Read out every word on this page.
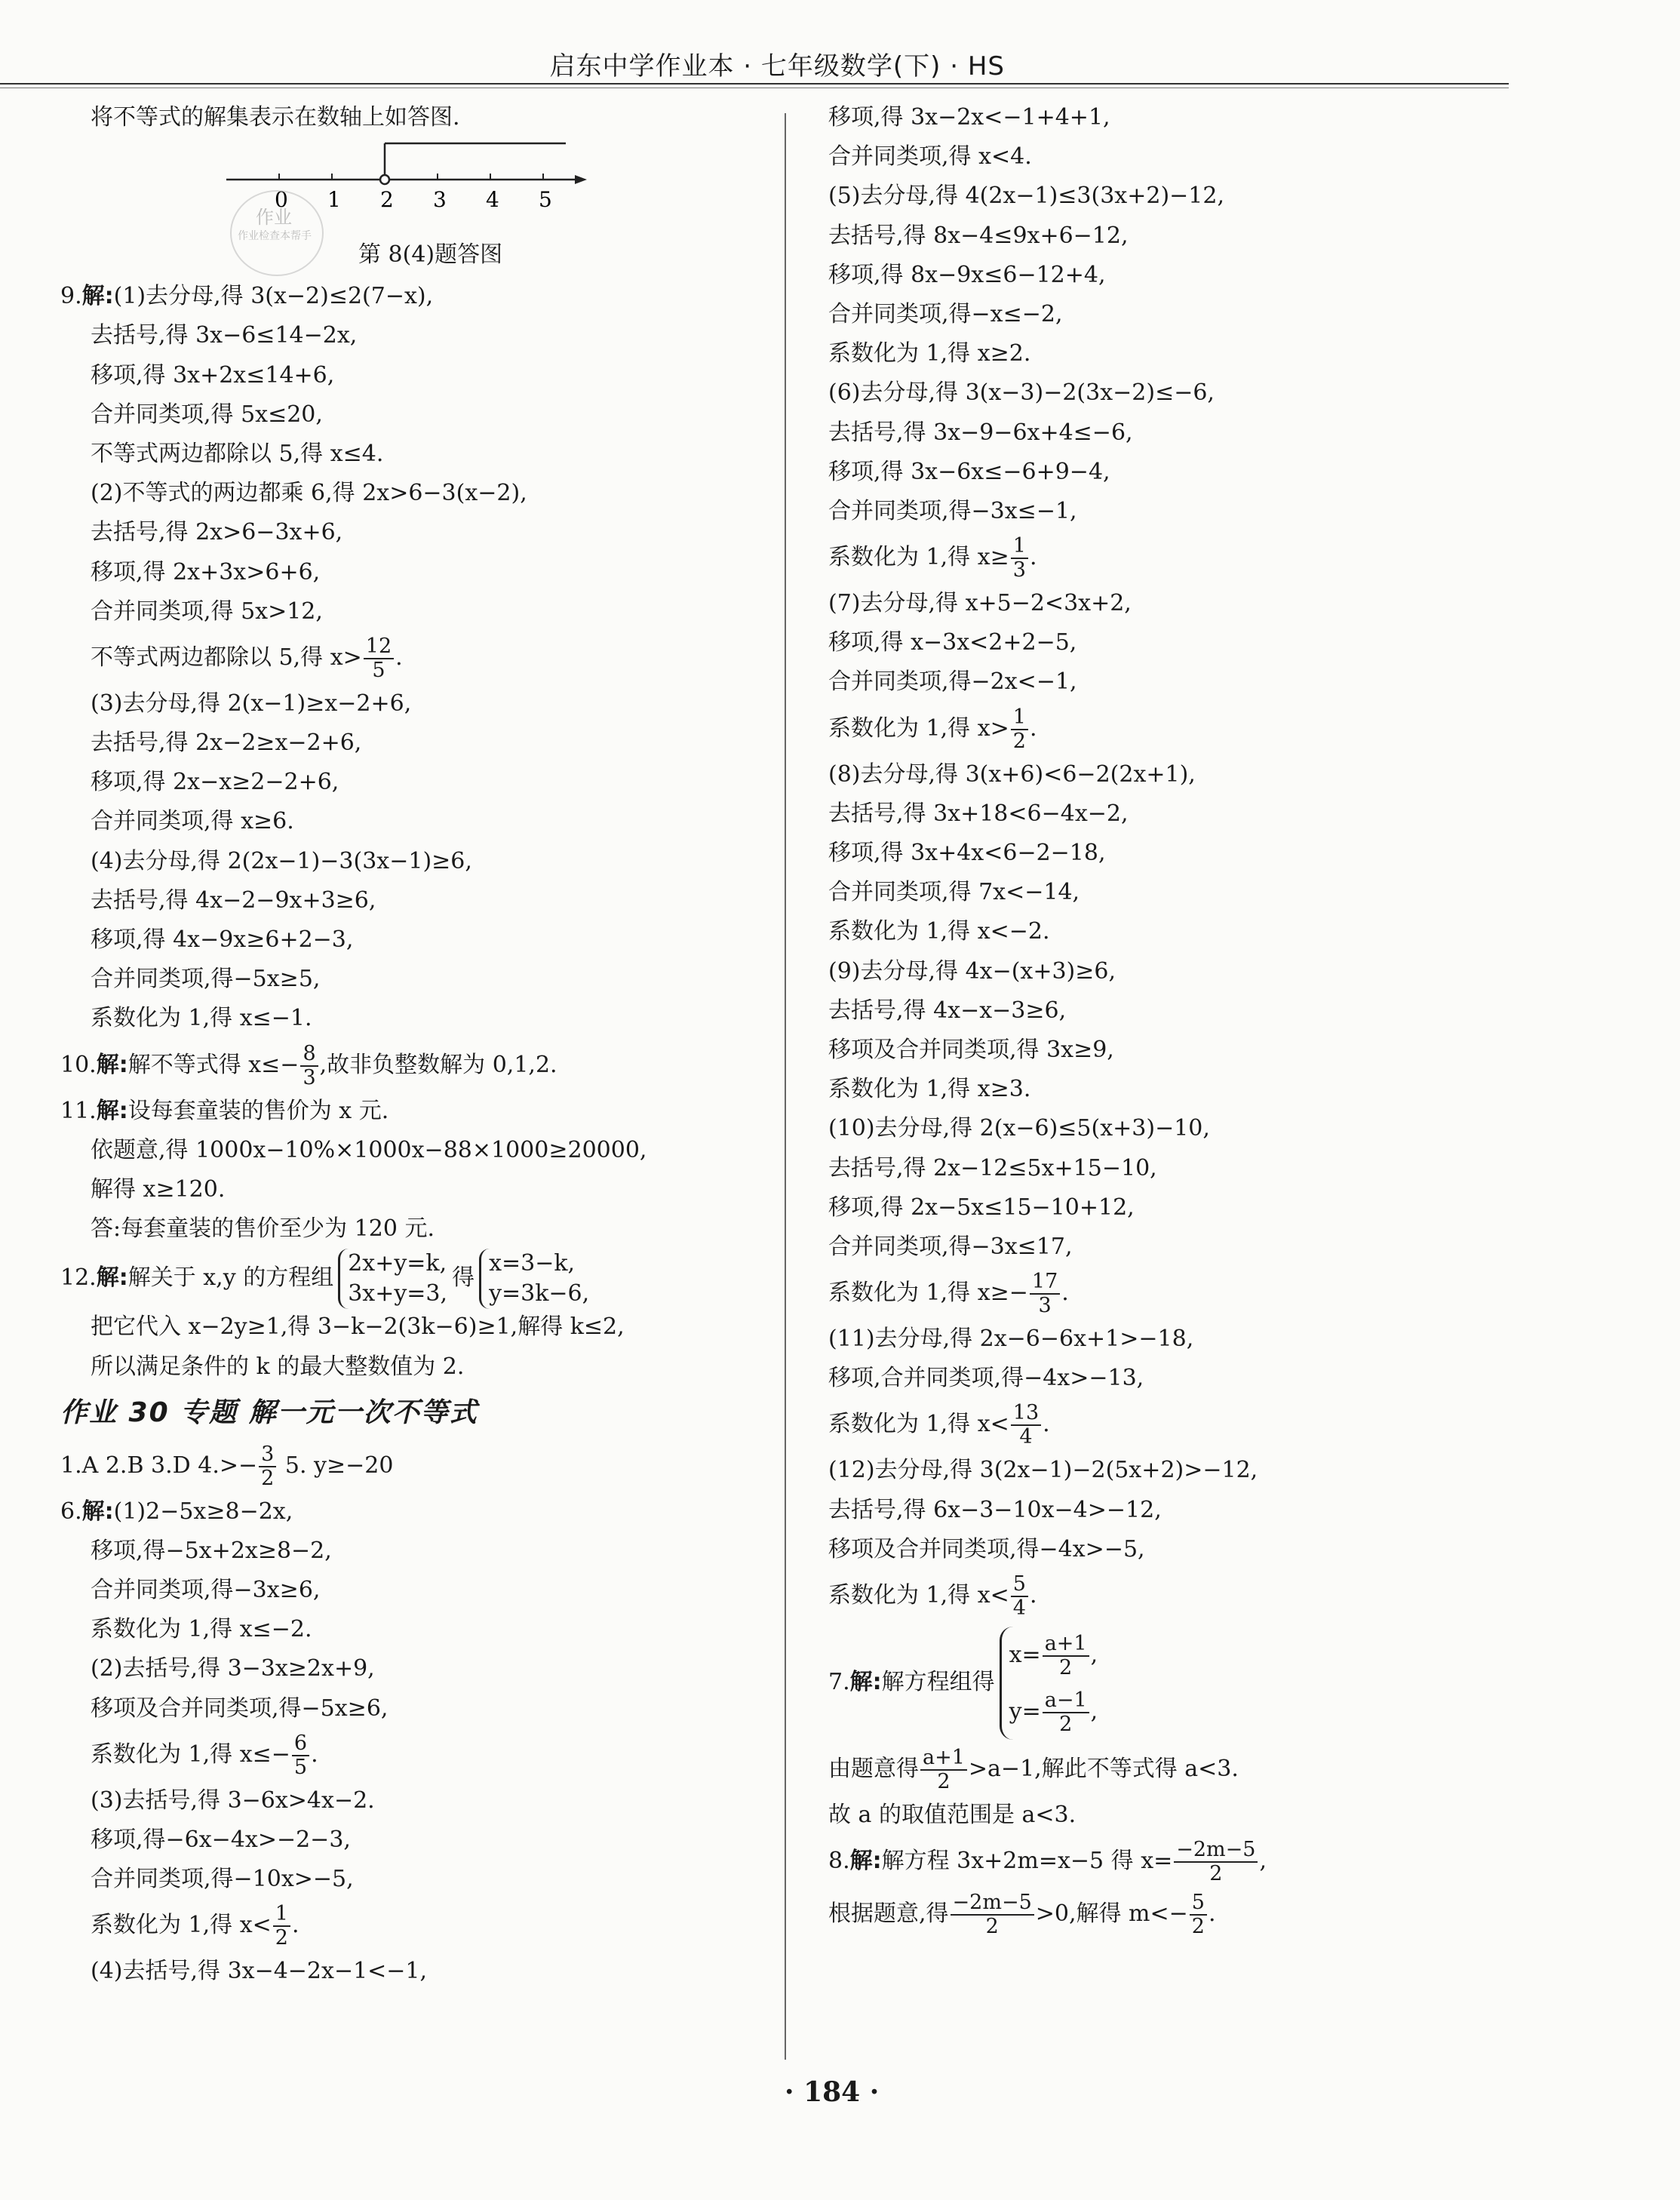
启东中学作业本 · 七年级数学(下) · HS
将不等式的解集表示在数轴上如答图.
0 1 2 3 4 5
作业
作业检查本帮手
第 8(4)题答图
9.解:(1)去分母,得 3(x−2)≤2(7−x),
去括号,得 3x−6≤14−2x,
移项,得 3x+2x≤14+6,
合并同类项,得 5x≤20,
不等式两边都除以 5,得 x≤4.
(2)不等式的两边都乘 6,得 2x>6−3(x−2),
去括号,得 2x>6−3x+6,
移项,得 2x+3x>6+6,
合并同类项,得 5x>12,
不等式两边都除以 5,得 $x> \frac{12}{5}$ .
(3)去分母,得 2(x−1)≥x−2+6,
去括号,得 2x−2≥x−2+6,
移项,得 2x−x≥2−2+6,
合并同类项,得 x≥6.
(4)去分母,得 2(2x−1)−3(3x−1)≥6,
去括号,得 4x−2−9x+3≥6,
移项,得 4x−9x≥6+2−3,
合并同类项,得−5x≥5,
系数化为 1,得 x≤−1.
10.解:解不等式得 $x\le- \frac{8}{3}$ ,故非负整数解为 0,1,2.
11.解:设每套童装的售价为 x 元.
依题意,得 1000x−10%×1000x−88×1000≥20000,
解得 x≥120.
答:每套童装的售价至少为 120 元.
12.解:解关于 x,y 的方程组
2x+y=k,
3x+y=3,
得
x=3−k,
y=3k−6,
把它代入 x−2y≥1,得 3−k−2(3k−6)≥1,解得 k≤2,
所以满足条件的 k 的最大整数值为 2.
作业 30 专题 解一元一次不等式
1.A 2.B 3.D $4.>- \frac{3}{2} 5$. y≥−20
6.解:(1)2−5x≥8−2x,
移项,得−5x+2x≥8−2,
合并同类项,得−3x≥6,
系数化为 1,得 x≤−2.
(2)去括号,得 3−3x≥2x+9,
移项及合并同类项,得−5x≥6,
系数化为 1,得 $x\le- \frac{6}{5}$ .
(3)去括号,得 3−6x>4x−2.
移项,得−6x−4x>−2−3,
合并同类项,得−10x>−5,
系数化为 1,得 $x< \frac{1}{2}$ .
(4)去括号,得 3x−4−2x−1<−1,
移项,得 3x−2x<−1+4+1,
合并同类项,得 x<4.
(5)去分母,得 4(2x−1)≤3(3x+2)−12,
去括号,得 8x−4≤9x+6−12,
移项,得 8x−9x≤6−12+4,
合并同类项,得−x≤−2,
系数化为 1,得 x≥2.
(6)去分母,得 3(x−3)−2(3x−2)≤−6,
去括号,得 3x−9−6x+4≤−6,
移项,得 3x−6x≤−6+9−4,
合并同类项,得−3x≤−1,
系数化为 1,得 $x\ge \frac{1}{3}$ .
(7)去分母,得 x+5−2<3x+2,
移项,得 x−3x<2+2−5,
合并同类项,得−2x<−1,
系数化为 1,得 $x> \frac{1}{2}$ .
(8)去分母,得 3(x+6)<6−2(2x+1),
去括号,得 3x+18<6−4x−2,
移项,得 3x+4x<6−2−18,
合并同类项,得 7x<−14,
系数化为 1,得 x<−2.
(9)去分母,得 4x−(x+3)≥6,
去括号,得 4x−x−3≥6,
移项及合并同类项,得 3x≥9,
系数化为 1,得 x≥3.
(10)去分母,得 2(x−6)≤5(x+3)−10,
去括号,得 2x−12≤5x+15−10,
移项,得 2x−5x≤15−10+12,
合并同类项,得−3x≤17,
系数化为 1,得 $x\ge- \frac{17}{3}$ .
(11)去分母,得 2x−6−6x+1>−18,
移项,合并同类项,得−4x>−13,
系数化为 1,得 $x< \frac{13}{4}$ .
(12)去分母,得 3(2x−1)−2(5x+2)>−12,
去括号,得 6x−3−10x−4>−12,
移项及合并同类项,得−4x>−5,
系数化为 1,得 $x< \frac{5}{4}$ .
7.解:解方程组得
$x= \frac{a+1}{2}$ ,
$y= \frac{a-1}{2}$ ,
由题意得 $\frac{a+1}{2} >a-1$,解此不等式得 a<3.
故 a 的取值范围是 a<3.
8.解:解方程 3x+2m=x−5 得 $x= \frac{-2m-5}{2}$ ,
根据题意,得 $\frac{-2m-5}{2} >0$,解得 $m<- \frac{5}{2}$ .
· 184 ·
